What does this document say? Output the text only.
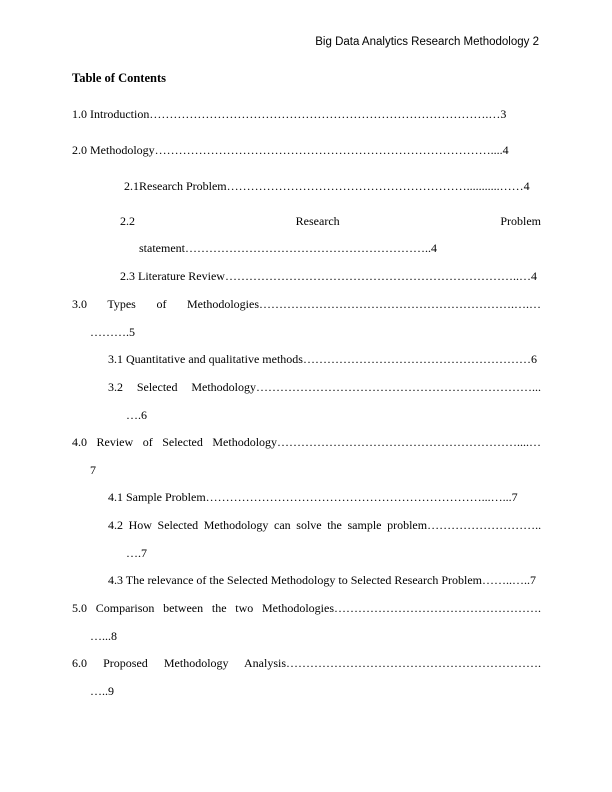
Big Data Analytics Research Methodology 2
Table of Contents
1.0 Introduction………………………………………………………………………….…3
2.0 Methodology…………………………………………………………………………....4
2.1Research Problem……………………………………………………...........……4
2.2 Research	Problem
statement……………………………………………………..4
2.3 Literature Review………………………………………………………………..…4
3.0 Types of Methodologies……………………………………………………….….…
……….5
3.1 Quantitative and qualitative methods…………………………………………………6
3.2 Selected Methodology……………………………………………………………...
….6
4.0 Review of Selected Methodology……………………………………………………....…
7
4.1 Sample Problem……………………………………………………………...…...7
4.2 How Selected Methodology can solve the sample problem………………………..
….7
4.3 The relevance of the Selected Methodology to Selected Research Problem……..…..7
5.0 Comparison between the two Methodologies…………………………………………….
…...8
6.0 Proposed Methodology Analysis……………………………………………………….
…..9
